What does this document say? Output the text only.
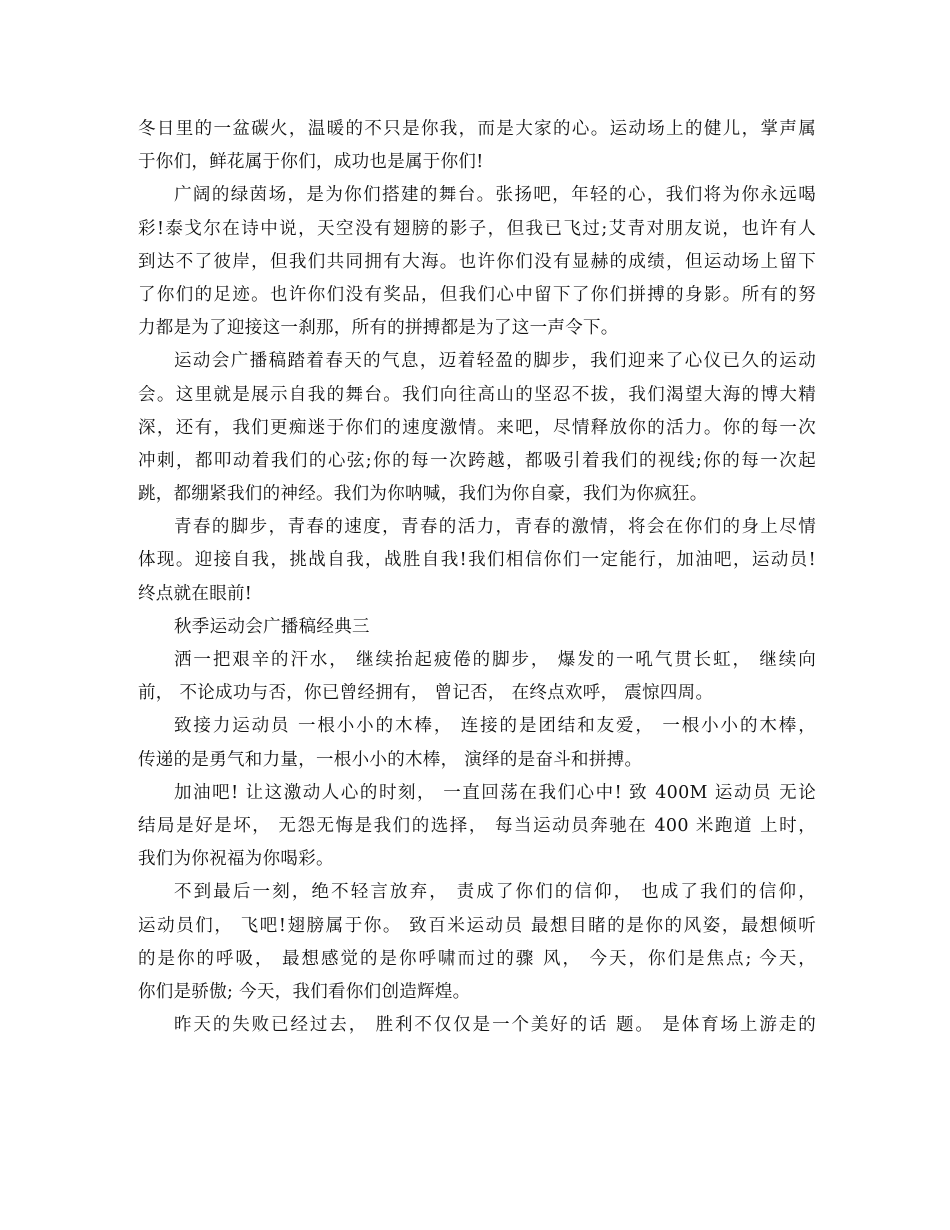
冬日里的一盆碳火，温暖的不只是你我，而是大家的心。运动场上的健儿，掌声属
于你们，鲜花属于你们，成功也是属于你们!
广阔的绿茵场，是为你们搭建的舞台。张扬吧，年轻的心，我们将为你永远喝
彩!泰戈尔在诗中说，天空没有翅膀的影子，但我已飞过;艾青对朋友说，也许有人
到达不了彼岸，但我们共同拥有大海。也许你们没有显赫的成绩，但运动场上留下
了你们的足迹。也许你们没有奖品，但我们心中留下了你们拼搏的身影。所有的努
力都是为了迎接这一刹那，所有的拼搏都是为了这一声令下。
运动会广播稿踏着春天的气息，迈着轻盈的脚步，我们迎来了心仪已久的运动
会。这里就是展示自我的舞台。我们向往高山的坚忍不拔，我们渴望大海的博大精
深，还有，我们更痴迷于你们的速度激情。来吧，尽情释放你的活力。你的每一次
冲刺，都叩动着我们的心弦;你的每一次跨越，都吸引着我们的视线;你的每一次起
跳，都绷紧我们的神经。我们为你呐喊，我们为你自豪，我们为你疯狂。
青春的脚步，青春的速度，青春的活力，青春的激情，将会在你们的身上尽情
体现。迎接自我，挑战自我，战胜自我!我们相信你们一定能行，加油吧，运动员!
终点就在眼前!
秋季运动会广播稿经典三
洒一把艰辛的汗水， 继续抬起疲倦的脚步， 爆发的一吼气贯长虹， 继续向
前， 不论成功与否，你已曾经拥有， 曾记否， 在终点欢呼， 震惊四周。
致接力运动员 一根小小的木棒， 连接的是团结和友爱， 一根小小的木棒，
传递的是勇气和力量，一根小小的木棒， 演绎的是奋斗和拼搏。
加油吧! 让这激动人心的时刻， 一直回荡在我们心中! 致 400M 运动员 无论
结局是好是坏， 无怨无悔是我们的选择， 每当运动员奔驰在 400 米跑道 上时，
我们为你祝福为你喝彩。
不到最后一刻，绝不轻言放弃， 责成了你们的信仰， 也成了我们的信仰，
运动员们， 飞吧!翅膀属于你。 致百米运动员 最想目睹的是你的风姿，最想倾听
的是你的呼吸， 最想感觉的是你呼啸而过的骤 风， 今天，你们是焦点; 今天，
你们是骄傲; 今天，我们看你们创造辉煌。
昨天的失败已经过去， 胜利不仅仅是一个美好的话 题。 是体育场上游走的
